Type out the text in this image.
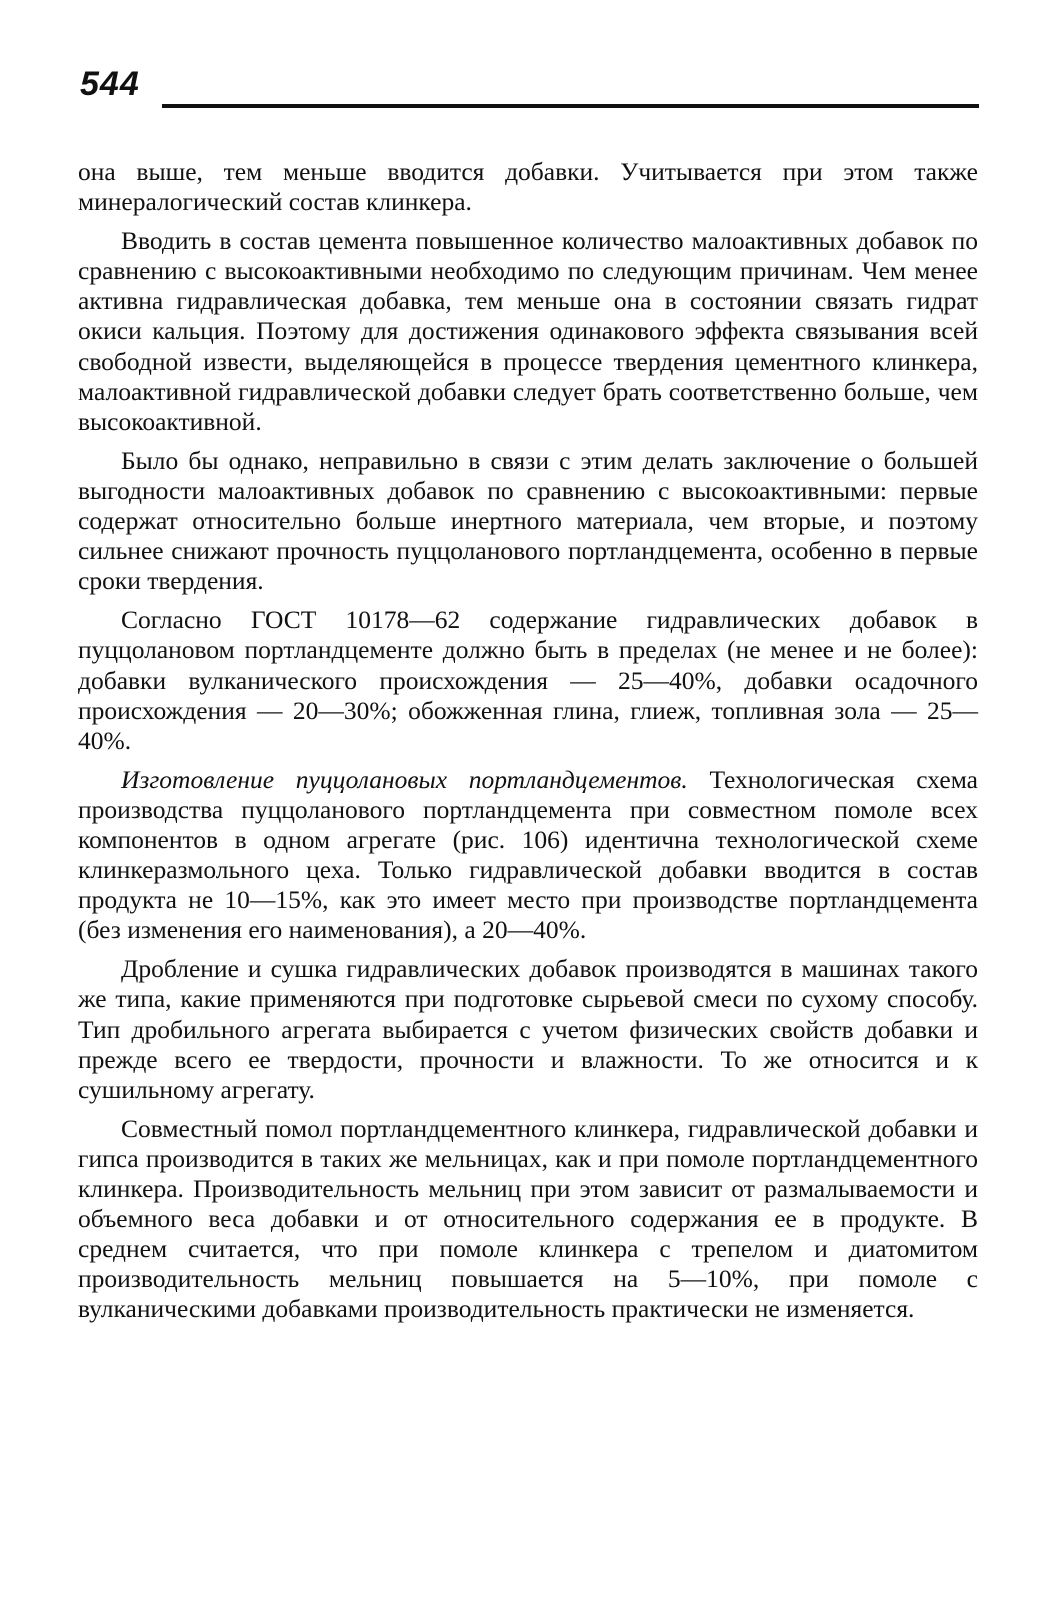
544

она выше, тем меньше вводится добавки. Учитывается при этом также минералогический состав клинкера.

Вводить в состав цемента повышенное количество малоактивных добавок по сравнению с высокоактивными необходимо по следующим причинам. Чем менее активна гидравлическая добавка, тем меньше она в состоянии связать гидрат окиси кальция. Поэтому для достижения одинакового эффекта связывания всей свободной извести, выделяющейся в процессе твердения цементного клинкера, малоактивной гидравлической добавки следует брать соответственно больше, чем высокоактивной.

Было бы однако, неправильно в связи с этим делать заключение о большей выгодности малоактивных добавок по сравнению с высокоактивными: первые содержат относительно больше инертного материала, чем вторые, и поэтому сильнее снижают прочность пуццоланового портландцемента, особенно в первые сроки твердения.

Согласно ГОСТ 10178—62 содержание гидравлических добавок в пуццолановом портландцементе должно быть в пределах (не менее и не более): добавки вулканического происхождения — 25—40%, добавки осадочного происхождения — 20—30%; обожженная глина, глиеж, топливная зола — 25—40%.

Изготовление пуццолановых портландцементов. Технологическая схема производства пуццоланового портландцемента при совместном помоле всех компонентов в одном агрегате (рис. 106) идентична технологической схеме клинкеразмольного цеха. Только гидравлической добавки вводится в состав продукта не 10—15%, как это имеет место при производстве портландцемента (без изменения его наименования), а 20—40%.

Дробление и сушка гидравлических добавок производятся в машинах такого же типа, какие применяются при подготовке сырьевой смеси по сухому способу. Тип дробильного агрегата выбирается с учетом физических свойств добавки и прежде всего ее твердости, прочности и влажности. То же относится и к сушильному агрегату.

Совместный помол портландцементного клинкера, гидравлической добавки и гипса производится в таких же мельницах, как и при помоле портландцементного клинкера. Производительность мельниц при этом зависит от размалываемости и объемного веса добавки и от относительного содержания ее в продукте. В среднем считается, что при помоле клинкера с трепелом и диатомитом производительность мельниц повышается на 5—10%, при помоле с вулканическими добавками производительность практически не изменяется.
